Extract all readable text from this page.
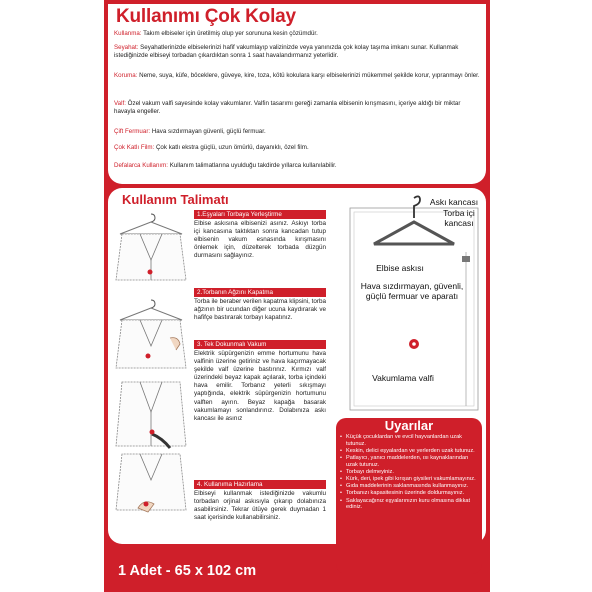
Kullanımı Çok Kolay
Kullanma: Takım elbiseler için üretilmiş olup yer sorununa kesin çözümdür.
Seyahat: Seyahatlerinizde elbiselerinizi hafif vakumlayıp valizinizde veya yanınızda çok kolay taşıma imkanı sunar. Kullanmak istediğinizde elbiseyi torbadan çıkardıktan sonra 1 saat havalandırmanız yeterlidir.
Koruma: Neme, suya, küfe, böceklere, güveye, kire, toza, kötü kokulara karşı elbiselerinizi mükemmel şekilde korur, yıpranmayı önler.
Valf: Özel vakum valfi sayesinde kolay vakumlanır. Valfin tasarımı gereği zamanla elbisenin kırışmasını, içeriye aldığı bir miktar havayla engeller.
Çift Fermuar: Hava sızdırmayan güvenli, güçlü fermuar.
Çok Katlı Film: Çok katlı ekstra güçlü, uzun ömürlü, dayanıklı, özel film.
Defalarca Kullanım: Kullanım talimatlarına uyulduğu takdirde yıllarca kullanılabilir.
Kullanım Talimatı
1.Eşyaları Torbaya Yerleştirme
Elbise askısına elbisenizi asınız. Askıyı torba içi kancasına taktıktan sonra kancadan tutup elbisenin vakum esnasında kırışmasını önlemek için, düzelterek torbada düzgün durmasını sağlayınız.
2.Torbanın Ağzını Kapatma
Torba ile beraber verilen kapatma klipsini, torba ağzının bir ucundan diğer ucuna kaydırarak ve hafifçe bastırarak torbayı kapatınız.
3. Tek Dokunmalı Vakum
Elektrik süpürgenizin emme hortumunu hava valfinin üzerine getiriniz ve hava kaçırmayacak şekilde valf üzerine bastırınız. Kırmızı valf üzerindeki beyaz kapak açılarak, torba içindeki hava emilir. Torbanız yeterli sıkışmayı yaptığında, elektrik süpürgenizin hortumunu valften ayırın. Beyaz kapağa basarak vakumlamayı sonlandırınız. Dolabınıza askı kancası ile asınız
4. Kullanıma Hazırlama
Elbiseyi kullanmak istediğinizde vakumlu torbadan orjinal askısıyla çıkarıp dolabınıza asabilirsiniz. Tekrar ütüye gerek duymadan 1 saat içerisinde kullanabilirsiniz.
Askı kancası
Torba içi kancası
Elbise askısı
Hava sızdırmayan, güvenli, güçlü fermuar ve aparatı
Vakumlama valfi
Uyarılar
• Küçük çocuklardan ve evcil hayvanlardan uzak tutunuz.
• Keskin, delici eşyalardan ve yerlerden uzak tutunuz.
• Patlayıcı, yanıcı maddelerden, ısı kaynaklarından uzak tutunuz.
• Torbayı delmeyiniz.
• Kürk, deri, ipek gibi kırışan giysileri vakumlamayınız.
• Gıda maddelerinin saklanmasında kullanmayınız.
• Torbanızı kapasitesinin üzerinde doldurmayınız.
• Saklayacağınız eşyalarınızın kuru olmasına dikkat ediniz.
1 Adet - 65 x 102 cm
